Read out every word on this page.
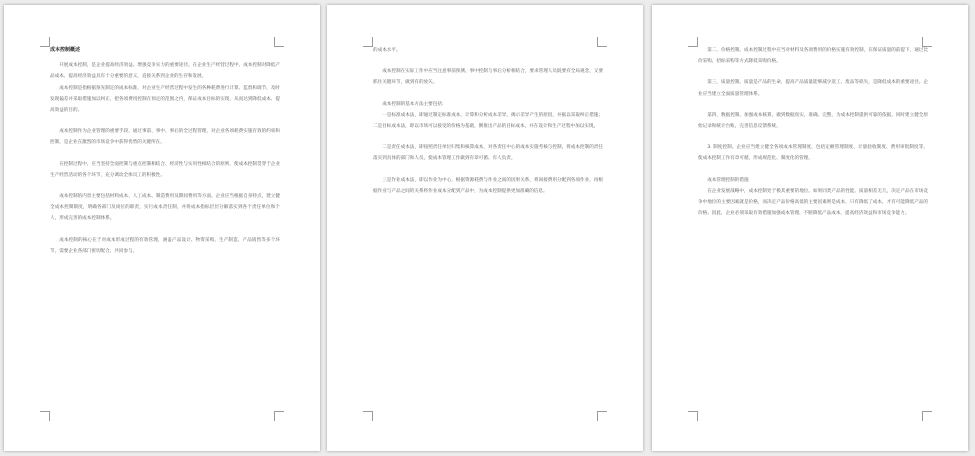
成本控制概述

开展成本控制，是企业提高经济效益、增强竞争实力的重要途径。在企业生产经营过程中，成本控制对降低产品成本、提高经济效益具有十分重要的意义，直接关系到企业的生存和发展。

成本控制是指根据预先制定的成本标准，对企业生产经营过程中发生的各种耗费进行计算、监督和调节，及时发现偏差并采取措施加以纠正，把各项费用控制在预定的范围之内，保证成本目标的实现，从而达到降低成本、提高效益的目的。

成本控制作为企业管理的重要手段，通过事前、事中、事后的全过程管理，对企业各项耗费实施有效的约束和控制，是企业在激烈的市场竞争中获得优势的关键所在。

在控制过程中，应当坚持全面控制与重点控制相结合、经济性与实用性相结合的原则，使成本控制贯穿于企业生产经营活动的各个环节，充分调动全体员工的积极性。

成本控制的内容主要包括材料成本、人工成本、制造费用及期间费用等方面。企业应当根据自身特点，建立健全成本控制制度，明确各部门及岗位的职责，实行成本责任制，并将成本指标层层分解落实到各个责任单位和个人，形成完善的成本控制体系。

成本控制的核心在于对成本形成过程的有效管理，涵盖产品设计、物资采购、生产制造、产品销售等多个环节，需要企业各部门密切配合、共同参与。

的成本水平。

成本控制在实际工作中应当注意事前预测、事中控制与事后分析相结合，要求管理人员既要有全局观念，又要抓住关键环节，做到有的放矢。

成本控制的基本方法主要包括：

一是标准成本法，即通过制定标准成本，计算和分析成本差异，揭示差异产生的原因，并据以采取纠正措施；二是目标成本法，即以市场可以接受的价格为基础，倒推出产品的目标成本，并在设计和生产过程中加以实现。

二是责任成本法，即按照责任单位归集和核算成本，对各责任中心的成本实施考核与控制，将成本控制的责任落实到具体的部门和人员，使成本管理工作做到有章可循、有人负责。

三是作业成本法，即以作业为中心，根据资源耗费与作业之间的因果关系，将间接费用分配到各项作业，再根据作业与产品之间的关系将作业成本分配到产品中，为成本控制提供更加准确的信息。

第二，价格控制。成本控制过程中应当对材料及各项费用的价格实施有效控制，在保证质量的前提下，通过比价采购、招标采购等方式降低采购价格。

第三，质量控制。质量是产品的生命，提高产品质量能够减少返工、废品等损失，是降低成本的重要途径。企业应当建立全面质量管理体系。

第四，数据控制。加强成本核算，做到数据真实、准确、完整，为成本控制提供可靠的依据。同时建立健全原始记录和统计台账，完善信息反馈系统。

3. 制度控制。企业应当建立健全各项成本管理制度，包括定额管理制度、计量验收制度、费用审批制度等，使成本控制工作有章可循，形成规范化、制度化的管理。

成本管理控制的措施

在企业发展战略中，成本控制处于极其重要的地位。如果同类产品的性能、质量相差无几，决定产品在市场竞争中地位的主要因素就是价格，而决定产品价格高低的主要因素则是成本，只有降低了成本，才有可能降低产品的价格。因此，企业必须采取有效措施加强成本管理，不断降低产品成本，提高经济效益和市场竞争能力。
